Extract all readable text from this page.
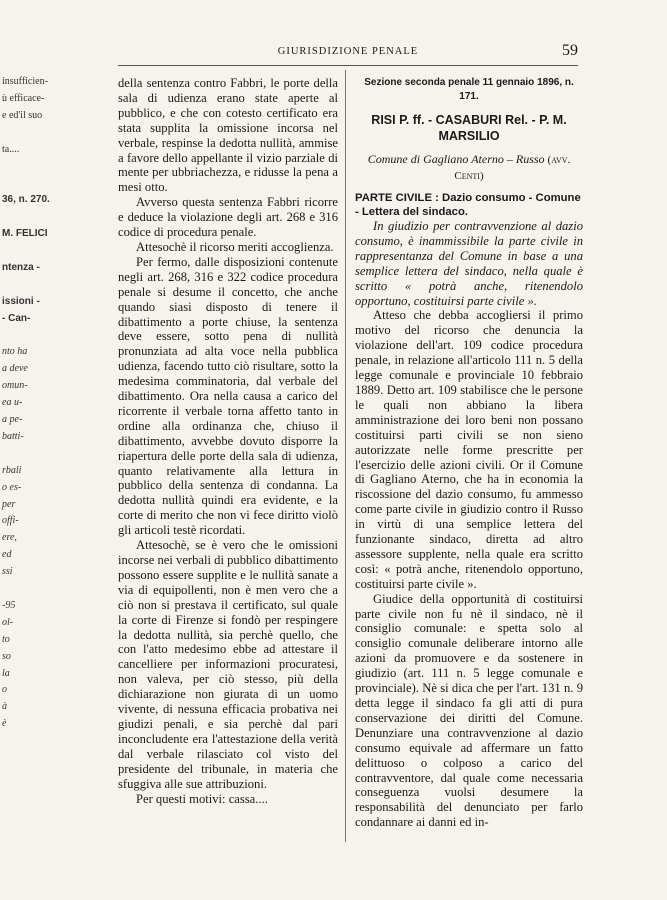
GIURISDIZIONE PENALE	59
insufficien-
ù efficace-
e ed'il suo
ta....
36, n. 270.
M. FELICI
ntenza -
issioni -
- Can-
nto ha
a deve
omun-
ea u-
a pe-
batti-
rbali
o es-
per
offi-
ere,
ed
ssi
-95
ol-
to
so
la
o
à
è

della sentenza contro Fabbri, le porte della sala di udienza erano state aperte al pubblico, e che con cotesto certificato era stata supplita la omissione incorsa nel verbale, respinse la dedotta nullità, ammise a favore dello appellante il vizio parziale di mente per ubbriachezza, e ridusse la pena a mesi otto.

Avverso questa sentenza Fabbri ricorre e deduce la violazione degli art. 268 e 316 codice di procedura penale.

Attesochè il ricorso meriti accoglienza.

Per fermo, dalle disposizioni contenute negli art. 268, 316 e 322 codice procedura penale si desume il concetto, che anche quando siasi disposto di tenere il dibattimento a porte chiuse, la sentenza deve essere, sotto pena di nullità pronunziata ad alta voce nella pubblica udienza, facendo tutto ciò risultare, sotto la medesima comminatoria, dal verbale del dibattimento. Ora nella causa a carico del ricorrente il verbale torna affetto tanto in ordine alla ordinanza che, chiuso il dibattimento, avvebbe dovuto disporre la riapertura delle porte della sala di udienza, quanto relativamente alla lettura in pubblico della sentenza di condanna. La dedotta nullità quindi era evidente, e la corte di merito che non vi fece diritto violò gli articoli testè ricordati.

Attesochè, se è vero che le omissioni incorse nei verbali di pubblico dibattimento possono essere supplite e le nullità sanate a via di equipollenti, non è men vero che a ciò non si prestava il certificato, sul quale la corte di Firenze si fondò per respingere la dedotta nullità, sia perchè quello, che con l'atto medesimo ebbe ad attestare il cancelliere per informazioni procuratesi, non valeva, per ciò stesso, più della dichiarazione non giurata di un uomo vivente, di nessuna efficacia probativa nei giudizi penali, e sia perchè dal pari inconcludente era l'attestazione della verità dal verbale rilasciato col visto del presidente del tribunale, in materia che sfuggiva alle sue attribuzioni.

Per questi motivi: cassa....

Sezione seconda penale 11 gennaio 1896, n. 171.
RISI P. ff. - CASABURI Rel. - P. M. MARSILIO
Comune di Gagliano Aterno – Russo (avv. Centi)
PARTE CIVILE : Dazio consumo - Comune - Lettera del sindaco.

In giudizio per contravvenzione al dazio consumo, è inammissibile la parte civile in rappresentanza del Comune in base a una semplice lettera del sindaco, nella quale è scritto « potrà anche, ritenendolo opportuno, costituirsi parte civile ».

Atteso che debba accogliersi il primo motivo del ricorso che denuncia la violazione dell'art. 109 codice procedura penale, in relazione all'articolo 111 n. 5 della legge comunale e provinciale 10 febbraio 1889. Detto art. 109 stabilisce che le persone le quali non abbiano la libera amministrazione dei loro beni non possano costituirsi parti civili se non sieno autorizzate nelle forme prescritte per l'esercizio delle azioni civili. Or il Comune di Gagliano Aterno, che ha in economia la riscossione del dazio consumo, fu ammesso come parte civile in giudizio contro il Russo in virtù di una semplice lettera del funzionante sindaco, diretta ad altro assessore supplente, nella quale era scritto così: « potrà anche, ritenendolo opportuno, costituirsi parte civile ».

Giudice della opportunità di costituirsi parte civile non fu nè il sindaco, nè il consiglio comunale: e spetta solo al consiglio comunale deliberare intorno alle azioni da promuovere e da sostenere in giudizio (art. 111 n. 5 legge comunale e provinciale). Nè si dica che per l'art. 131 n. 9 detta legge il sindaco fa gli atti di pura conservazione dei diritti del Comune. Denunziare una contravvenzione al dazio consumo equivale ad affermare un fatto delittuoso o colposo a carico del contravventore, dal quale come necessaria conseguenza vuolsi desumere la responsabilità del denunciato per farlo condannare ai danni ed in-
